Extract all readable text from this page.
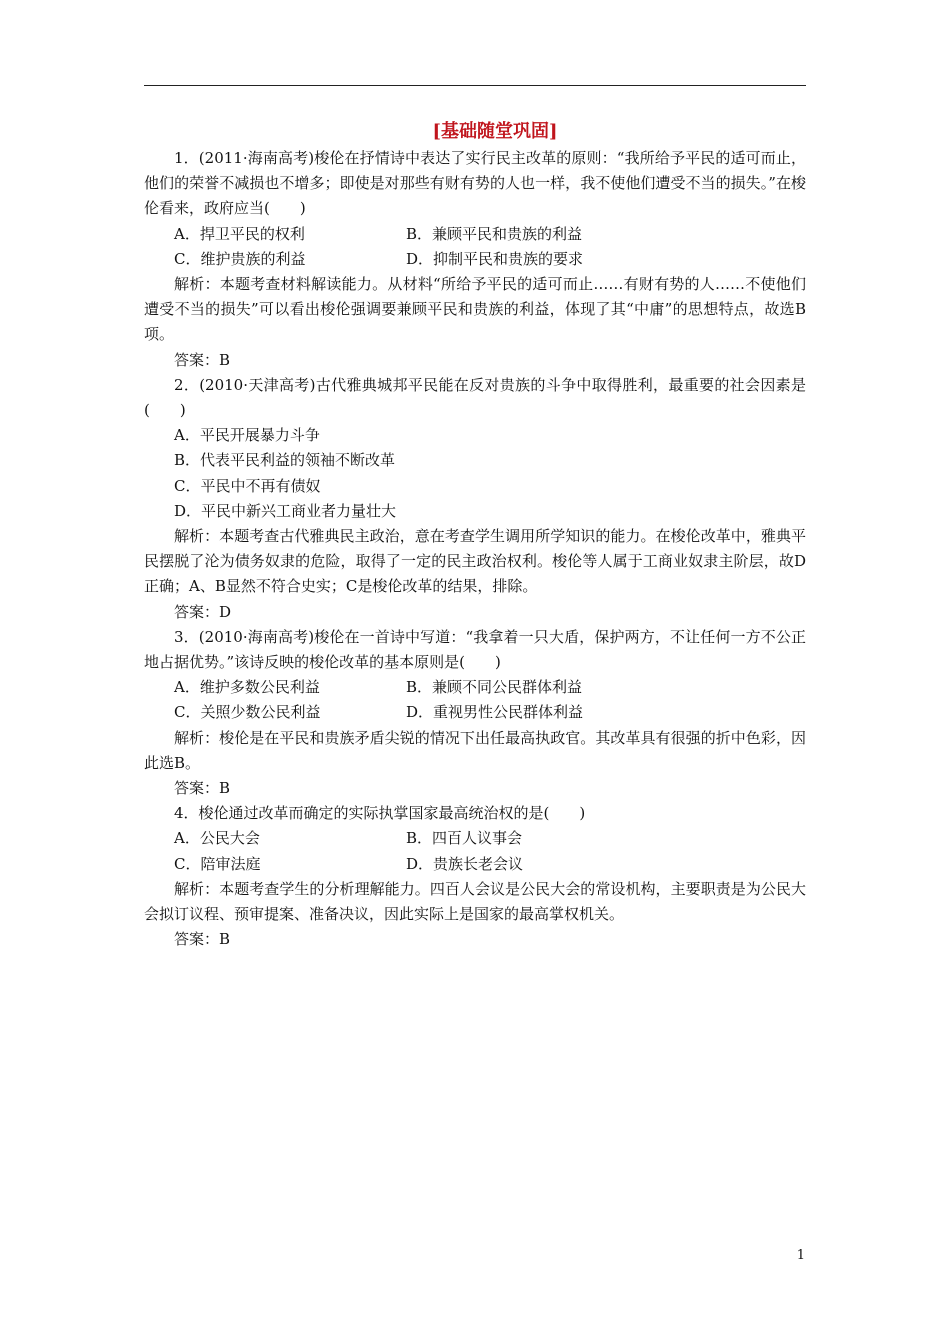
[基础随堂巩固]

1．(2011·海南高考)梭伦在抒情诗中表达了实行民主改革的原则：“我所给予平民的适可而止，他们的荣誉不减损也不增多；即使是对那些有财有势的人也一样，我不使他们遭受不当的损失。”在梭伦看来，政府应当(　　)

A．捍卫平民的权利	B．兼顾平民和贵族的利益
C．维护贵族的利益	D．抑制平民和贵族的要求

解析：本题考查材料解读能力。从材料“所给予平民的适可而止……有财有势的人……不使他们遭受不当的损失”可以看出梭伦强调要兼顾平民和贵族的利益，体现了其“中庸”的思想特点，故选B项。

答案：B

2．(2010·天津高考)古代雅典城邦平民能在反对贵族的斗争中取得胜利，最重要的社会因素是(　　)

A．平民开展暴力斗争

B．代表平民利益的领袖不断改革

C．平民中不再有债奴

D．平民中新兴工商业者力量壮大

解析：本题考查古代雅典民主政治，意在考查学生调用所学知识的能力。在梭伦改革中，雅典平民摆脱了沦为债务奴隶的危险，取得了一定的民主政治权利。梭伦等人属于工商业奴隶主阶层，故D正确；A、B显然不符合史实；C是梭伦改革的结果，排除。

答案：D

3．(2010·海南高考)梭伦在一首诗中写道：“我拿着一只大盾，保护两方，不让任何一方不公正地占据优势。”该诗反映的梭伦改革的基本原则是(　　)

A．维护多数公民利益	B．兼顾不同公民群体利益
C．关照少数公民利益	D．重视男性公民群体利益

解析：梭伦是在平民和贵族矛盾尖锐的情况下出任最高执政官。其改革具有很强的折中色彩，因此选B。

答案：B

4．梭伦通过改革而确定的实际执掌国家最高统治权的是(　　)

A．公民大会	B．四百人议事会
C．陪审法庭	D．贵族长老会议

解析：本题考查学生的分析理解能力。四百人会议是公民大会的常设机构，主要职责是为公民大会拟订议程、预审提案、准备决议，因此实际上是国家的最高掌权机关。

答案：B

1
